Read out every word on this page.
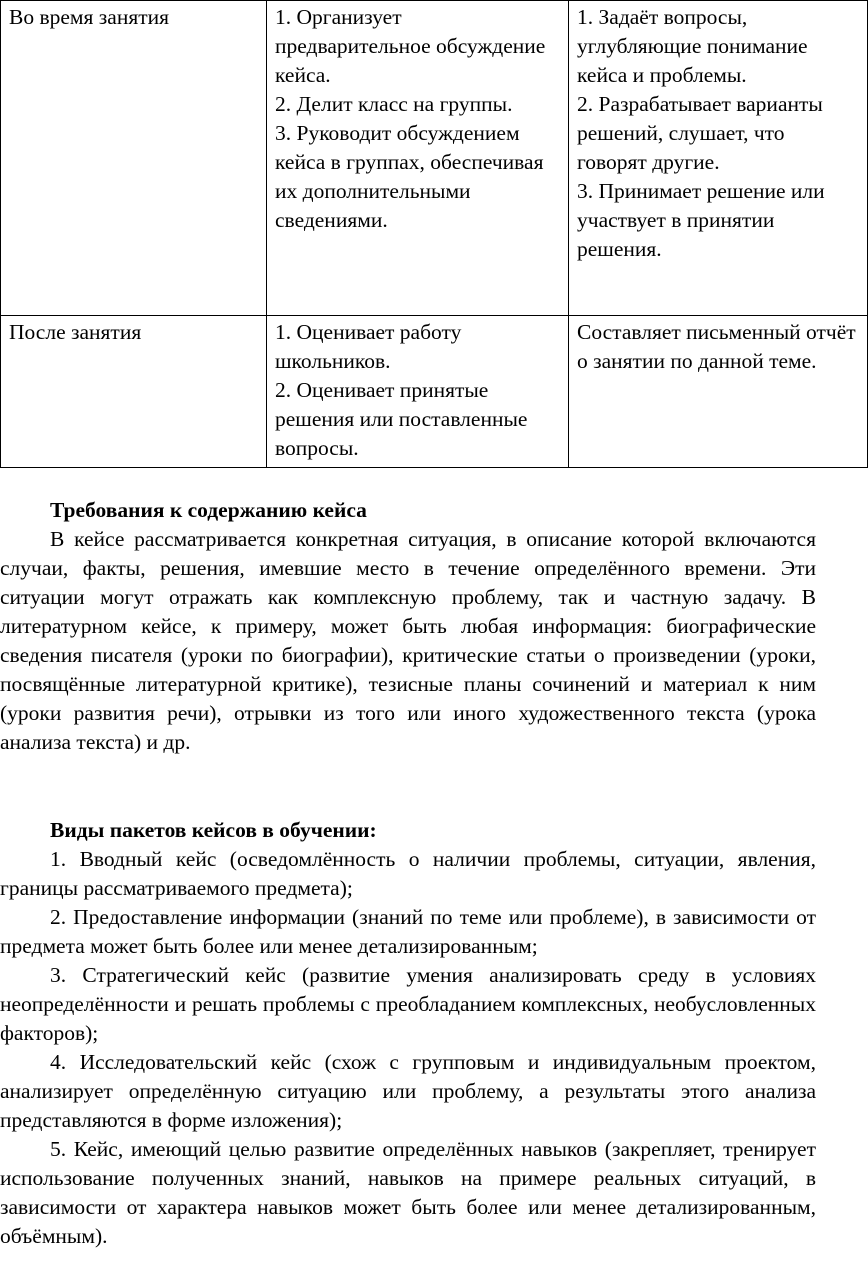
Во время занятия	1. Организует предварительное обсуждение кейса.
2. Делит класс на группы.
3. Руководит обсуждением кейса в группах, обеспечивая их дополнительными сведениями.	1. Задаёт вопросы, углубляющие понимание кейса и проблемы.
2. Разрабатывает варианты решений, слушает, что говорят другие.
3. Принимает решение или участвует в принятии решения.

После занятия	1. Оценивает работу школьников.
2. Оценивает принятые решения или поставленные вопросы.	Составляет письменный отчёт о занятии по данной теме.

Требования к содержанию кейса

В кейсе рассматривается конкретная ситуация, в описание которой включаются случаи, факты, решения, имевшие место в течение определённого времени. Эти ситуации могут отражать как комплексную проблему, так и частную задачу. В литературном кейсе, к примеру, может быть любая информация: биографические сведения писателя (уроки по биографии), критические статьи о произведении (уроки, посвящённые литературной критике), тезисные планы сочинений и материал к ним (уроки развития речи), отрывки из того или иного художественного текста (урока анализа текста) и др.

Виды пакетов кейсов в обучении:

1. Вводный кейс (осведомлённость о наличии проблемы, ситуации, явления, границы рассматриваемого предмета);

2. Предоставление информации (знаний по теме или проблеме), в зависимости от предмета может быть более или менее детализированным;

3. Стратегический кейс (развитие умения анализировать среду в условиях неопределённости и решать проблемы с преобладанием комплексных, необусловленных факторов);

4. Исследовательский кейс (схож с групповым и индивидуальным проектом, анализирует определённую ситуацию или проблему, а результаты этого анализа представляются в форме изложения);

5. Кейс, имеющий целью развитие определённых навыков (закрепляет, тренирует использование полученных знаний, навыков на примере реальных ситуаций, в зависимости от характера навыков может быть более или менее детализированным, объёмным).
